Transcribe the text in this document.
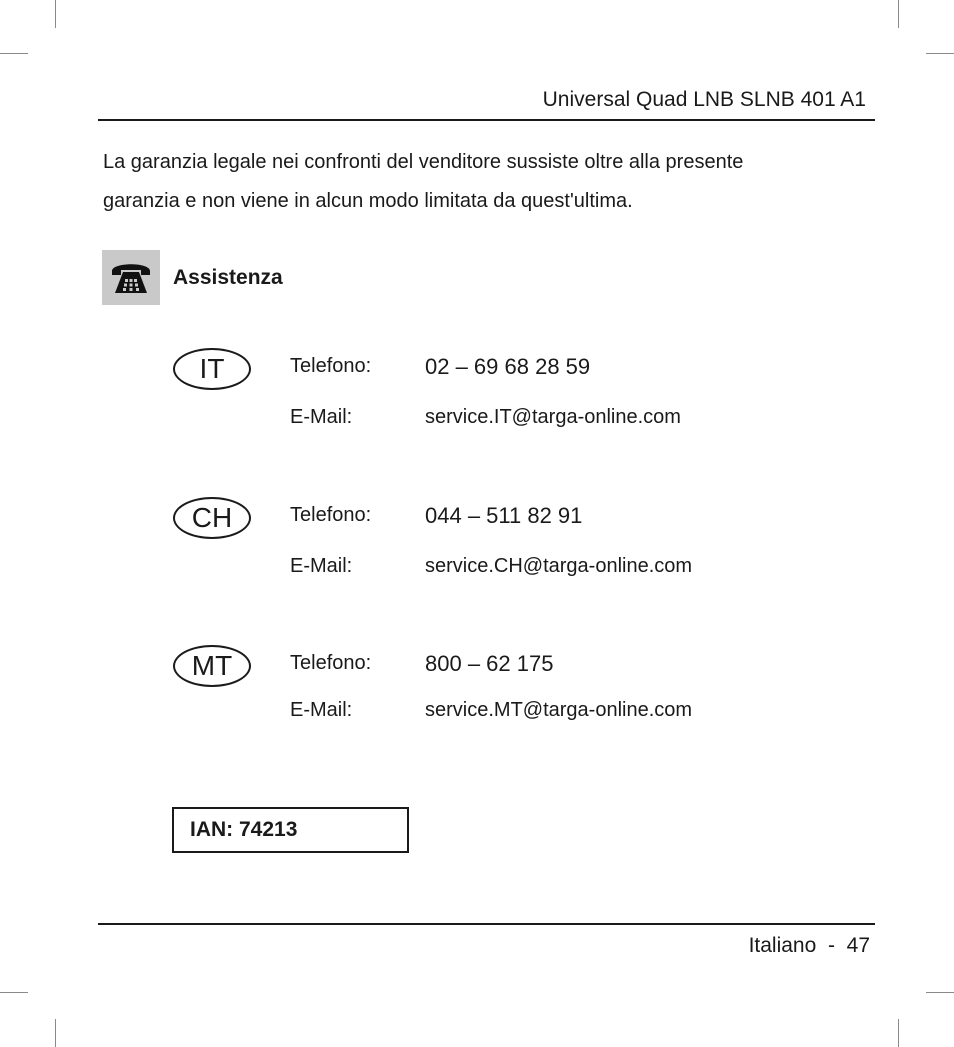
Universal Quad LNB SLNB 401 A1
La garanzia legale nei confronti del venditore sussiste oltre alla presente
garanzia e non viene in alcun modo limitata da quest'ultima.
Assistenza
IT	Telefono: 02 – 69 68 28 59
E-Mail:	service.IT@targa-online.com
CH	Telefono: 044 – 511 82 91
E-Mail:	service.CH@targa-online.com
MT	Telefono: 800 – 62 175
E-Mail:	service.MT@targa-online.com
IAN: 74213
Italiano - 47
